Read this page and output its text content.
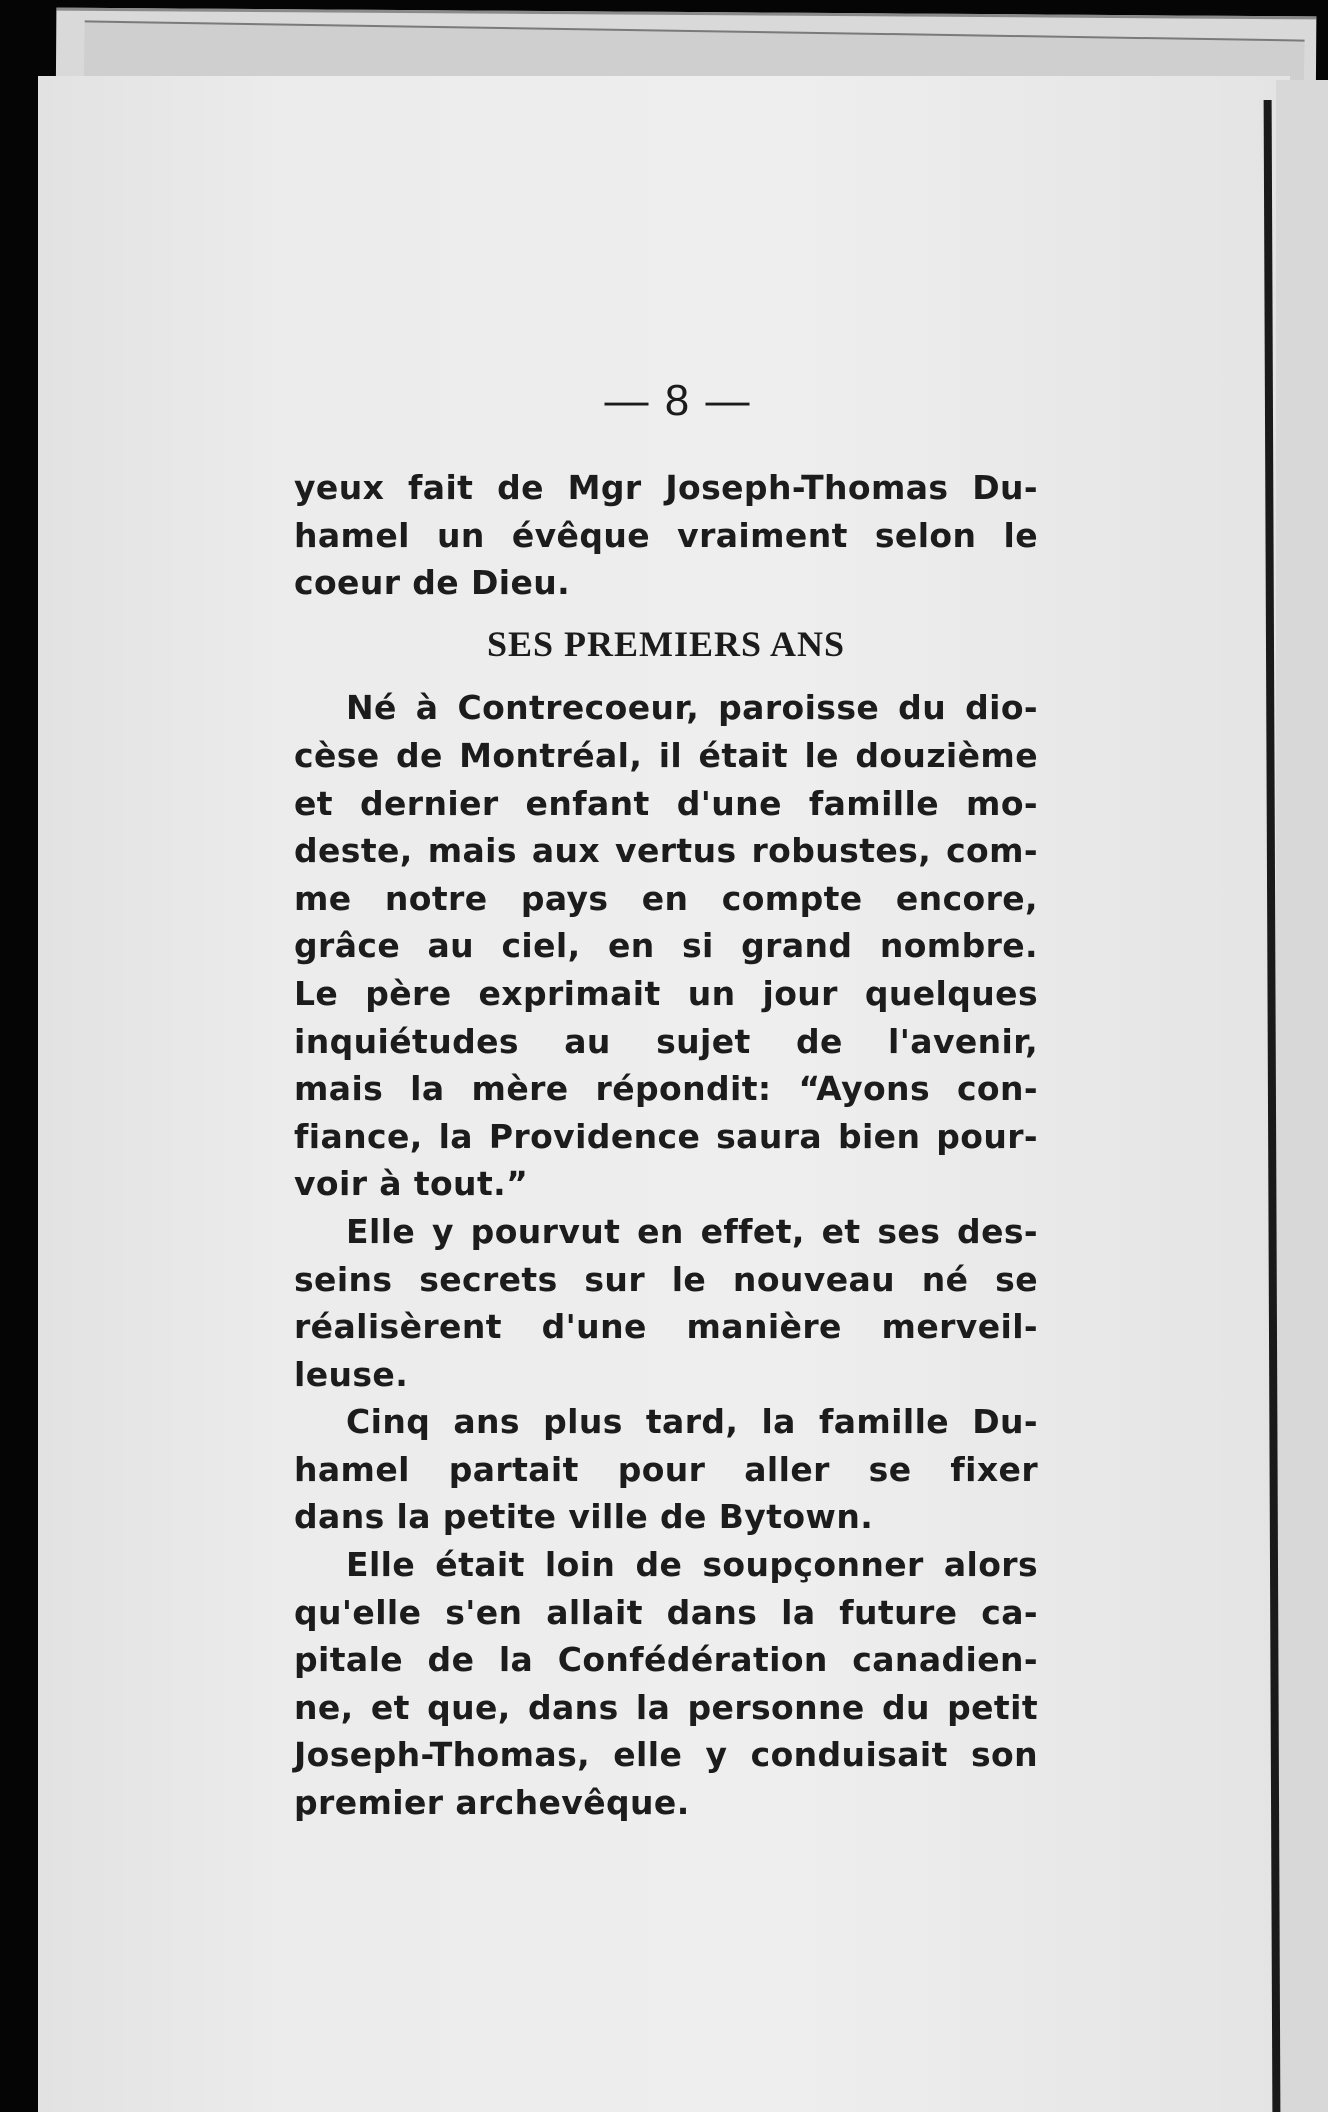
— 8 —

yeux fait de Mgr Joseph-Thomas Du-
hamel un évêque vraiment selon le
coeur de Dieu.

SES PREMIERS ANS

Né à Contrecoeur, paroisse du dio-
cèse de Montréal, il était le douzième
et dernier enfant d'une famille mo-
deste, mais aux vertus robustes, com-
me notre pays en compte encore,
grâce au ciel, en si grand nombre.
Le père exprimait un jour quelques
inquiétudes au sujet de l'avenir,
mais la mère répondit: “Ayons con-
fiance, la Providence saura bien pour-
voir à tout.”

Elle y pourvut en effet, et ses des-
seins secrets sur le nouveau né se
réalisèrent d'une manière merveil-
leuse.

Cinq ans plus tard, la famille Du-
hamel partait pour aller se fixer
dans la petite ville de Bytown.

Elle était loin de soupçonner alors
qu'elle s'en allait dans la future ca-
pitale de la Confédération canadien-
ne, et que, dans la personne du petit
Joseph-Thomas, elle y conduisait son
premier archevêque.
